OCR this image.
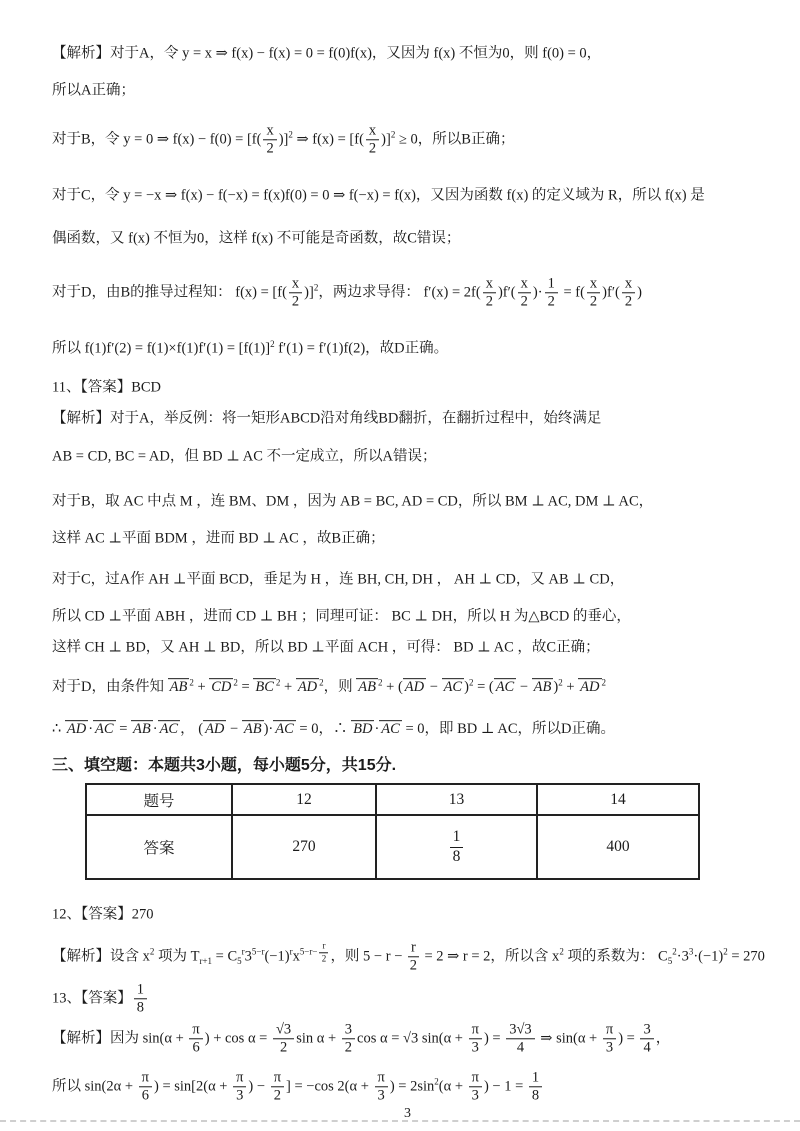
【解析】对于A，令 y = x ⇒ f(x) − f(x) = 0 = f(0)f(x)，又因为 f(x) 不恒为0，则 f(0) = 0，
所以A正确；
对于B，令 y = 0 ⇒ $f(x) - f(0) = [f( \frac{x}{2} )]^2$ ⇒ $f(x) = [f( \frac{x}{2} )]^2 \ge 0$，所以B正确；
对于C，令 y = −x ⇒ f(x) − f(−x) = f(x)f(0) = 0 ⇒ f(−x) = f(x)，又因为函数 f(x) 的定义域为 R，所以 f(x) 是
偶函数，又 f(x) 不恒为0，这样 f(x) 不可能是奇函数，故C错误；
对于D，由B的推导过程知： $f(x) = [f( \frac{x}{2} )]^2$，两边求导得： $f'(x) = 2f( \frac{x}{2} )f'( \frac{x}{2}$ )· $\frac{1}{2} = f( \frac{x}{2} )f'( \frac{x}{2}$ )
所以 $f(1)f'(2) = f(1)\times f(1)f'(1) = [f(1)]^2$ f′(1) = f′(1)f(2)，故D正确。
11、【答案】BCD
【解析】对于A，举反例：将一矩形ABCD沿对角线BD翻折，在翻折过程中，始终满足
AB = CD, BC = AD，但 BD ⊥ AC 不一定成立，所以A错误；
对于B，取 AC 中点 M ，连 BM、DM ，因为 AB = BC, AD = CD，所以 BM ⊥ AC, DM ⊥ AC，
这样 AC ⊥平面 BDM ，进而 BD ⊥ AC ，故B正确；
对于C，过A作 AH ⊥平面 BCD，垂足为 H ，连 BH, CH, DH ， AH ⊥ CD，又 AB ⊥ CD，
所以 CD ⊥平面 ABH ，进而 CD ⊥ BH ；同理可证： BC ⊥ DH，所以 H 为△BCD 的垂心，
这样 CH ⊥ BD，又 AH ⊥ BD，所以 BD ⊥平面 ACH ，可得： BD ⊥ AC ，故C正确；
对于D，由条件知 AB $^2$ + CD $^2$ = BC $^2$ + AD $^2$，则 AB $^2$ + ( AD − AC )$^2$ = ( AC − AB )$^2$ + AD $^2$
∴ AD · AC = AB · AC ， ( AD − AB )· AC = 0，∴ BD · AC = 0，即 BD ⊥ AC，所以D正确。
三、填空题：本题共3小题，每小题5分，共15分.
题号	12	13	14
答案	270	$\frac{1}{8}$	400
12、【答案】270
【解析】设含 $x^2$ 项为 $T_{r+1} = C_5^r3^{5-r}(-1)^rx^{5-r- \frac{r}{2}}$ ，则 $5 - r - \frac{r}{2} = 2$ ⇒ r = 2，所以含 $x^2$ 项的系数为： $C_5^2\cdot 3^3\cdot(-1)^2 = 270$
13、【答案】 $\frac{1}{8}$
【解析】因为 $\sin(\alpha + \frac{\pi}{6}$ ) + $\cos \alpha = \frac{√3}{2}$ $\sin \alpha + \frac{3}{2}$ cos α = √3 $\sin(\alpha + \frac{\pi}{3}$ ) = $\frac{3√3}{4}$ ⇒ $\sin(\alpha + \frac{\pi}{3}$ ) = $\frac{3}{4}$ ，
所以 $\sin(2\alpha + \frac{\pi}{6}$ ) = $\sin[2(\alpha + \frac{\pi}{3}$ ) − $\frac{\pi}{2}$ ] = −cos $2(\alpha + \frac{\pi}{3}$ ) = $2\sin^2(\alpha + \frac{\pi}{3}$ ) − $1 = \frac{1}{8}$
3
